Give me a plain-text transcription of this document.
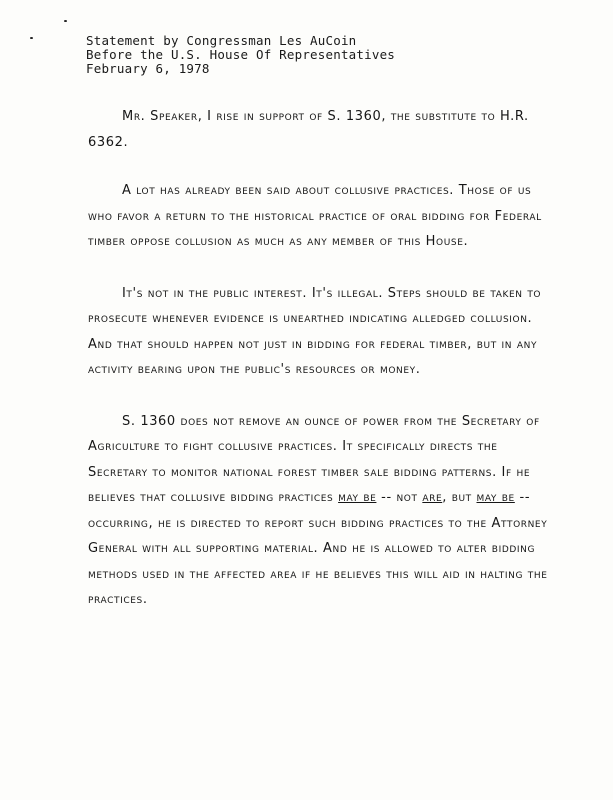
Statement by Congressman Les AuCoin
Before the U.S. House Of Representatives
February 6, 1978

Mr. Speaker, I rise in support of S. 1360, the substitute to H.R. 6362.

A lot has already been said about collusive practices. Those of us who favor a return to the historical practice of oral bidding for Federal timber oppose collusion as much as any member of this House.

It's not in the public interest. It's illegal. Steps should be taken to prosecute whenever evidence is unearthed indicating alledged collusion. And that should happen not just in bidding for federal timber, but in any activity bearing upon the public's resources or money.

S. 1360 does not remove an ounce of power from the Secretary of Agriculture to fight collusive practices. It specifically directs the Secretary to monitor national forest timber sale bidding patterns. If he believes that collusive bidding practices may be -- not are, but may be -- occurring, he is directed to report such bidding practices to the Attorney General with all supporting material. And he is allowed to alter bidding methods used in the affected area if he believes this will aid in halting the practices.
